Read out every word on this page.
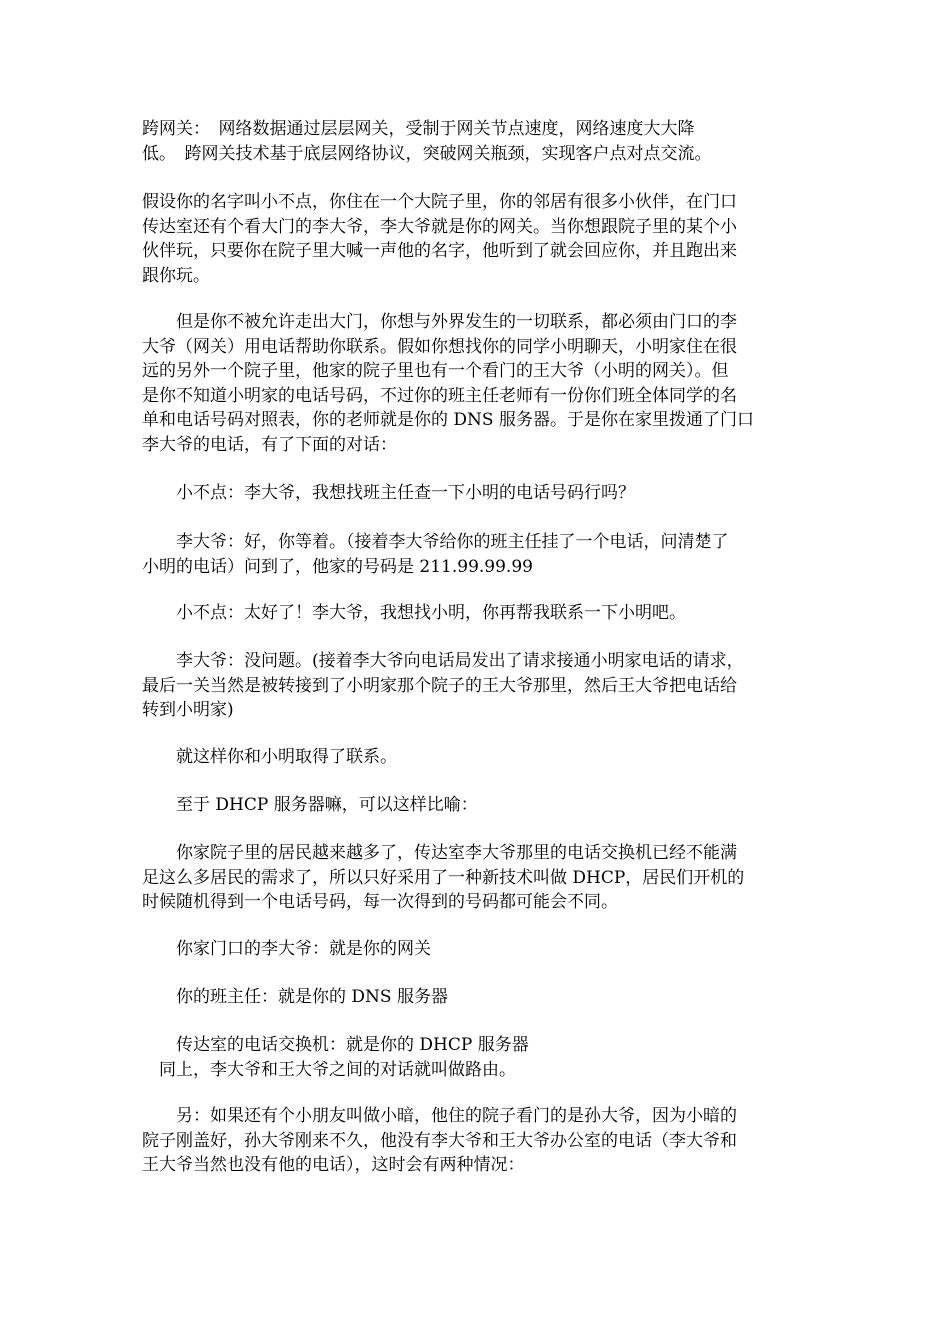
跨网关：　网络数据通过层层网关，受制于网关节点速度，网络速度大大降
低。　跨网关技术基于底层网络协议，突破网关瓶颈，实现客户点对点交流。
假设你的名字叫小不点，你住在一个大院子里，你的邻居有很多小伙伴，在门口
传达室还有个看大门的李大爷，李大爷就是你的网关。当你想跟院子里的某个小
伙伴玩，只要你在院子里大喊一声他的名字，他听到了就会回应你，并且跑出来
跟你玩。
　　但是你不被允许走出大门，你想与外界发生的一切联系，都必须由门口的李
大爷（网关）用电话帮助你联系。假如你想找你的同学小明聊天，小明家住在很
远的另外一个院子里，他家的院子里也有一个看门的王大爷（小明的网关）。但
是你不知道小明家的电话号码，不过你的班主任老师有一份你们班全体同学的名
单和电话号码对照表，你的老师就是你的 DNS 服务器。于是你在家里拨通了门口
李大爷的电话，有了下面的对话：
　　小不点：李大爷，我想找班主任查一下小明的电话号码行吗？
　　李大爷：好，你等着。（接着李大爷给你的班主任挂了一个电话，问清楚了
小明的电话）问到了，他家的号码是 211.99.99.99
　　小不点：太好了！李大爷，我想找小明，你再帮我联系一下小明吧。
　　李大爷：没问题。(接着李大爷向电话局发出了请求接通小明家电话的请求，
最后一关当然是被转接到了小明家那个院子的王大爷那里，然后王大爷把电话给
转到小明家)
　　就这样你和小明取得了联系。
　　至于 DHCP 服务器嘛，可以这样比喻：
　　你家院子里的居民越来越多了，传达室李大爷那里的电话交换机已经不能满
足这么多居民的需求了，所以只好采用了一种新技术叫做 DHCP，居民们开机的
时候随机得到一个电话号码，每一次得到的号码都可能会不同。
　　你家门口的李大爷：就是你的网关
　　你的班主任：就是你的 DNS 服务器
　　传达室的电话交换机：就是你的 DHCP 服务器
　同上，李大爷和王大爷之间的对话就叫做路由。
　　另：如果还有个小朋友叫做小暗，他住的院子看门的是孙大爷，因为小暗的
院子刚盖好，孙大爷刚来不久，他没有李大爷和王大爷办公室的电话（李大爷和
王大爷当然也没有他的电话），这时会有两种情况：
